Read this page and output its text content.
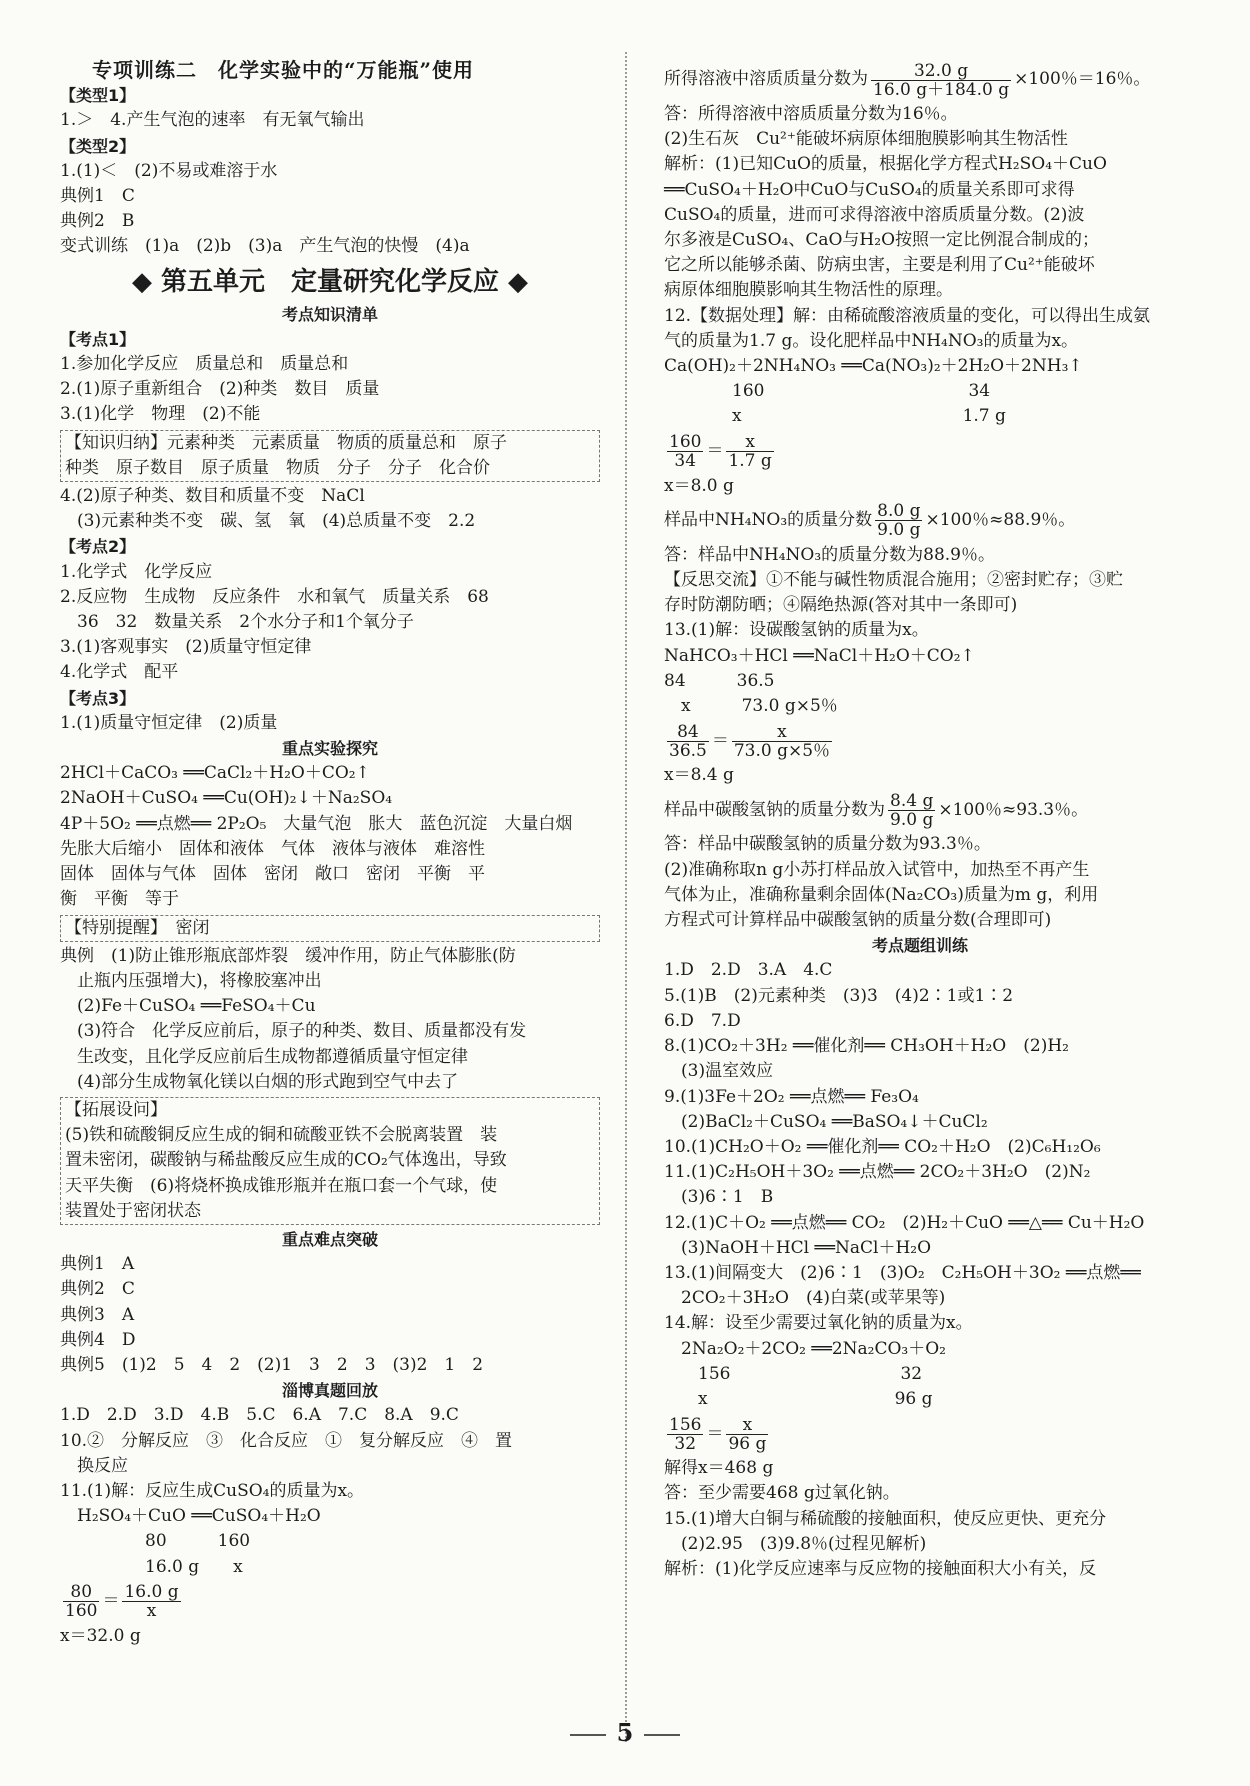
专项训练二　化学实验中的“万能瓶”使用
【类型1】
1.＞　4.产生气泡的速率　有无氧气输出
【类型2】
1.(1)＜　(2)不易或难溶于水
典例1　C
典例2　B
变式训练　(1)a　(2)b　(3)a　产生气泡的快慢　(4)a
◆ 第五单元　定量研究化学反应 ◆
考点知识清单
【考点1】
1.参加化学反应　质量总和　质量总和
2.(1)原子重新组合　(2)种类　数目　质量
3.(1)化学　物理　(2)不能
【知识归纳】元素种类　元素质量　物质的质量总和　原子
种类　原子数目　原子质量　物质　分子　分子　化合价
4.(2)原子种类、数目和质量不变　NaCl
　(3)元素种类不变　碳、氢　氧　(4)总质量不变　2.2
【考点2】
1.化学式　化学反应
2.反应物　生成物　反应条件　水和氧气　质量关系　68
　36　32　数量关系　2个水分子和1个氧分子
3.(1)客观事实　(2)质量守恒定律
4.化学式　配平
【考点3】
1.(1)质量守恒定律　(2)质量
重点实验探究
2HCl＋CaCO₃ ══CaCl₂＋H₂O＋CO₂↑
2NaOH＋CuSO₄ ══Cu(OH)₂↓＋Na₂SO₄
4P＋5O₂ ══点燃══ 2P₂O₅　大量气泡　胀大　蓝色沉淀　大量白烟
先胀大后缩小　固体和液体　气体　液体与液体　难溶性
固体　固体与气体　固体　密闭　敞口　密闭　平衡　平
衡　平衡　等于
【特别提醒】　密闭
典例　(1)防止锥形瓶底部炸裂　缓冲作用，防止气体膨胀(防
　止瓶内压强增大)，将橡胶塞冲出
　(2)Fe＋CuSO₄ ══FeSO₄＋Cu
　(3)符合　化学反应前后，原子的种类、数目、质量都没有发
　生改变，且化学反应前后生成物都遵循质量守恒定律
　(4)部分生成物氧化镁以白烟的形式跑到空气中去了
【拓展设问】
(5)铁和硫酸铜反应生成的铜和硫酸亚铁不会脱离装置　装
置未密闭，碳酸钠与稀盐酸反应生成的CO₂气体逸出，导致
天平失衡　(6)将烧杯换成锥形瓶并在瓶口套一个气球，使
装置处于密闭状态
重点难点突破
典例1　A
典例2　C
典例3　A
典例4　D
典例5　(1)2　5　4　2　(2)1　3　2　3　(3)2　1　2
淄博真题回放
1.D　2.D　3.D　4.B　5.C　6.A　7.C　8.A　9.C
10.②　分解反应　③　化合反应　①　复分解反应　④　置
　换反应
11.(1)解：反应生成CuSO₄的质量为x。
　H₂SO₄＋CuO ══CuSO₄＋H₂O
　　　　　80　　　160
　　　　　16.0 g　　x
$\frac{80}{160} = \frac{16.0 g}{x}$
x＝32.0 g
所得溶液中溶质质量分数为 $\frac{32.0 g}{16.0 g+184.0 g} \times 100$％＝16％。
答：所得溶液中溶质质量分数为16％。
(2)生石灰　Cu²⁺能破坏病原体细胞膜影响其生物活性
解析：(1)已知CuO的质量，根据化学方程式H₂SO₄＋CuO
══CuSO₄＋H₂O中CuO与CuSO₄的质量关系即可求得
CuSO₄的质量，进而可求得溶液中溶质质量分数。(2)波
尔多液是CuSO₄、CaO与H₂O按照一定比例混合制成的；
它之所以能够杀菌、防病虫害，主要是利用了Cu²⁺能破坏
病原体细胞膜影响其生物活性的原理。
12.【数据处理】解：由稀硫酸溶液质量的变化，可以得出生成氨
气的质量为1.7 g。设化肥样品中NH₄NO₃的质量为x。
Ca(OH)₂＋2NH₄NO₃ ══Ca(NO₃)₂＋2H₂O＋2NH₃↑
　　　　160　　　　　　　　　　　　34
　　　　x　　　　　　　　　　　　　1.7 g
$\frac{160}{34} = \frac{x}{1.7 g}$
x＝8.0 g
样品中NH₄NO₃的质量分数 $\frac{8.0 g}{9.0 g} \times 100$％≈88.9％。
答：样品中NH₄NO₃的质量分数为88.9％。
【反思交流】①不能与碱性物质混合施用；②密封贮存；③贮
存时防潮防晒；④隔绝热源(答对其中一条即可)
13.(1)解：设碳酸氢钠的质量为x。
NaHCO₃＋HCl ══NaCl＋H₂O＋CO₂↑
84　　　36.5
　x　　　73.0 g×5％
$\frac{84}{36.5} = \frac{x}{73.0 g\times 5\%}$
x＝8.4 g
样品中碳酸氢钠的质量分数为 $\frac{8.4 g}{9.0 g} \times 100$％≈93.3％。
答：样品中碳酸氢钠的质量分数为93.3％。
(2)准确称取n g小苏打样品放入试管中，加热至不再产生
气体为止，准确称量剩余固体(Na₂CO₃)质量为m g，利用
方程式可计算样品中碳酸氢钠的质量分数(合理即可)
考点题组训练
1.D　2.D　3.A　4.C
5.(1)B　(2)元素种类　(3)3　(4)2∶1或1∶2
6.D　7.D
8.(1)CO₂＋3H₂ ══催化剂══ CH₃OH＋H₂O　(2)H₂
　(3)温室效应
9.(1)3Fe＋2O₂ ══点燃══ Fe₃O₄
　(2)BaCl₂＋CuSO₄ ══BaSO₄↓＋CuCl₂
10.(1)CH₂O＋O₂ ══催化剂══ CO₂＋H₂O　(2)C₆H₁₂O₆
11.(1)C₂H₅OH＋3O₂ ══点燃══ 2CO₂＋3H₂O　(2)N₂
　(3)6∶1　B
12.(1)C＋O₂ ══点燃══ CO₂　(2)H₂＋CuO ══△══ Cu＋H₂O
　(3)NaOH＋HCl ══NaCl＋H₂O
13.(1)间隔变大　(2)6∶1　(3)O₂　C₂H₅OH＋3O₂ ══点燃══
　2CO₂＋3H₂O　(4)白菜(或苹果等)
14.解：设至少需要过氧化钠的质量为x。
　2Na₂O₂＋2CO₂ ══2Na₂CO₃＋O₂
　　156　　　　　　　　　　32
　　x　　　　　　　　　　　96 g
$\frac{156}{32} = \frac{x}{96 g}$
解得x＝468 g
答：至少需要468 g过氧化钠。
15.(1)增大白铜与稀硫酸的接触面积，使反应更快、更充分
　(2)2.95　(3)9.8％(过程见解析)
解析：(1)化学反应速率与反应物的接触面积大小有关，反
5
